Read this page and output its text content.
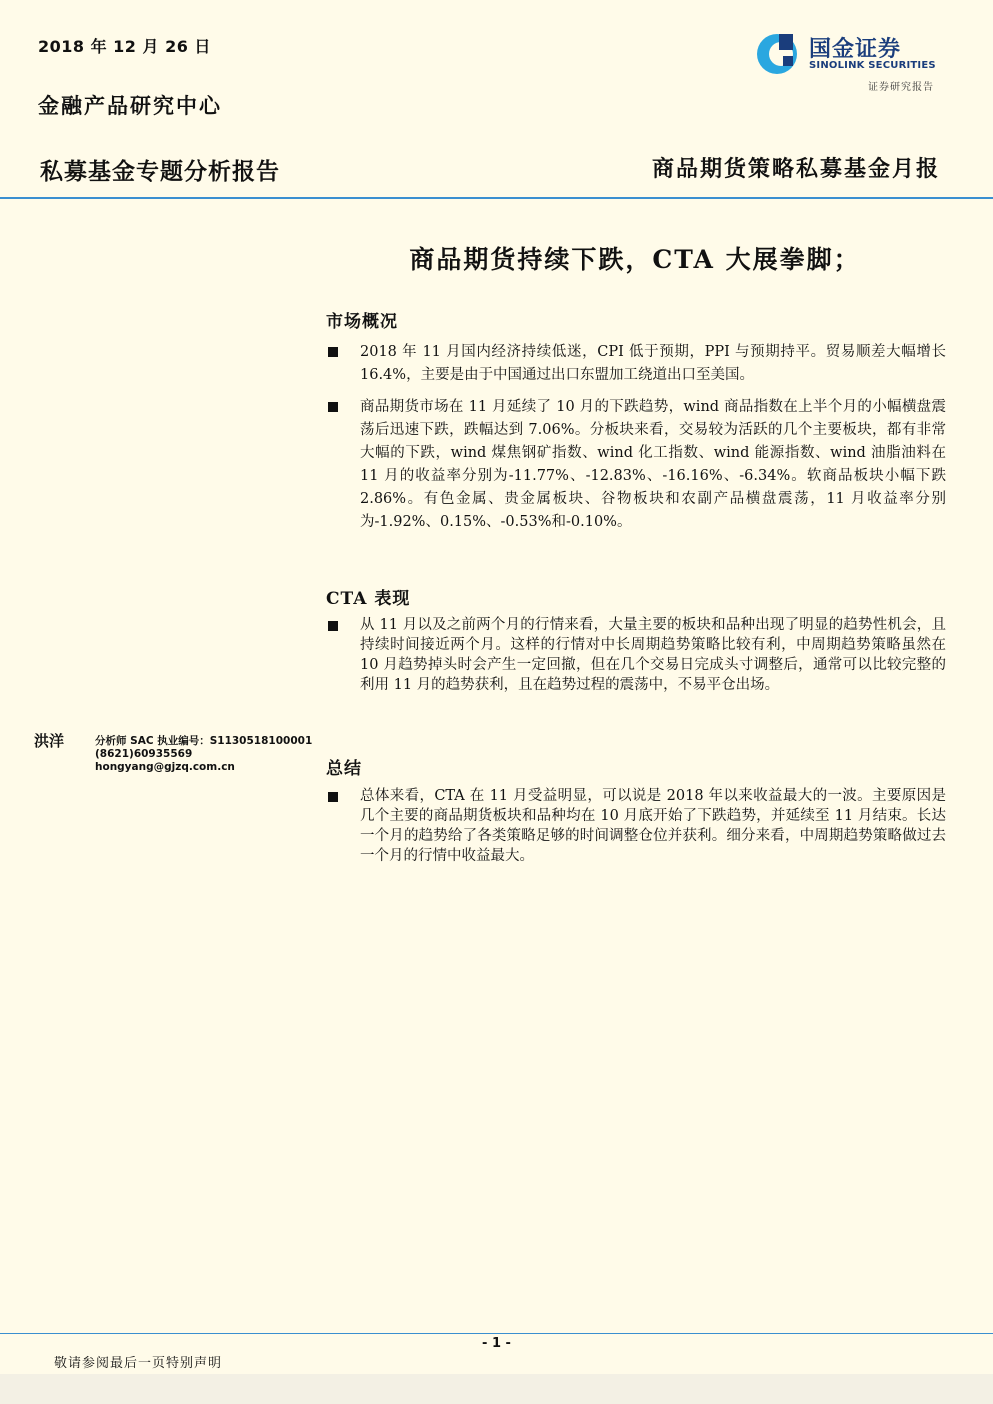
2018 年 12 月 26 日
金融产品研究中心
国金证券
SINOLINK SECURITIES
证券研究报告
私募基金专题分析报告	商品期货策略私募基金月报
商品期货持续下跌，CTA 大展拳脚；
市场概况
2018 年 11 月国内经济持续低迷，CPI 低于预期，PPI 与预期持平。贸易顺差大幅增长 16.4%，主要是由于中国通过出口东盟加工绕道出口至美国。
商品期货市场在 11 月延续了 10 月的下跌趋势，wind 商品指数在上半个月的小幅横盘震荡后迅速下跌，跌幅达到 7.06%。分板块来看，交易较为活跃的几个主要板块，都有非常大幅的下跌，wind 煤焦钢矿指数、wind 化工指数、wind 能源指数、wind 油脂油料在 11 月的收益率分别为-11.77%、-12.83%、-16.16%、-6.34%。软商品板块小幅下跌 2.86%。有色金属、贵金属板块、谷物板块和农副产品横盘震荡，11 月收益率分别为-1.92%、0.15%、-0.53%和-0.10%。
CTA 表现
从 11 月以及之前两个月的行情来看，大量主要的板块和品种出现了明显的趋势性机会，且持续时间接近两个月。这样的行情对中长周期趋势策略比较有利，中周期趋势策略虽然在 10 月趋势掉头时会产生一定回撤，但在几个交易日完成头寸调整后，通常可以比较完整的利用 11 月的趋势获利，且在趋势过程的震荡中，不易平仓出场。
洪洋	分析师 SAC 执业编号：S1130518100001
(8621)60935569
hongyang@gjzq.com.cn	总结
总体来看，CTA 在 11 月受益明显，可以说是 2018 年以来收益最大的一波。主要原因是几个主要的商品期货板块和品种均在 10 月底开始了下跌趋势，并延续至 11 月结束。长达一个月的趋势给了各类策略足够的时间调整仓位并获利。细分来看，中周期趋势策略做过去一个月的行情中收益最大。
- 1 -
敬请参阅最后一页特别声明
